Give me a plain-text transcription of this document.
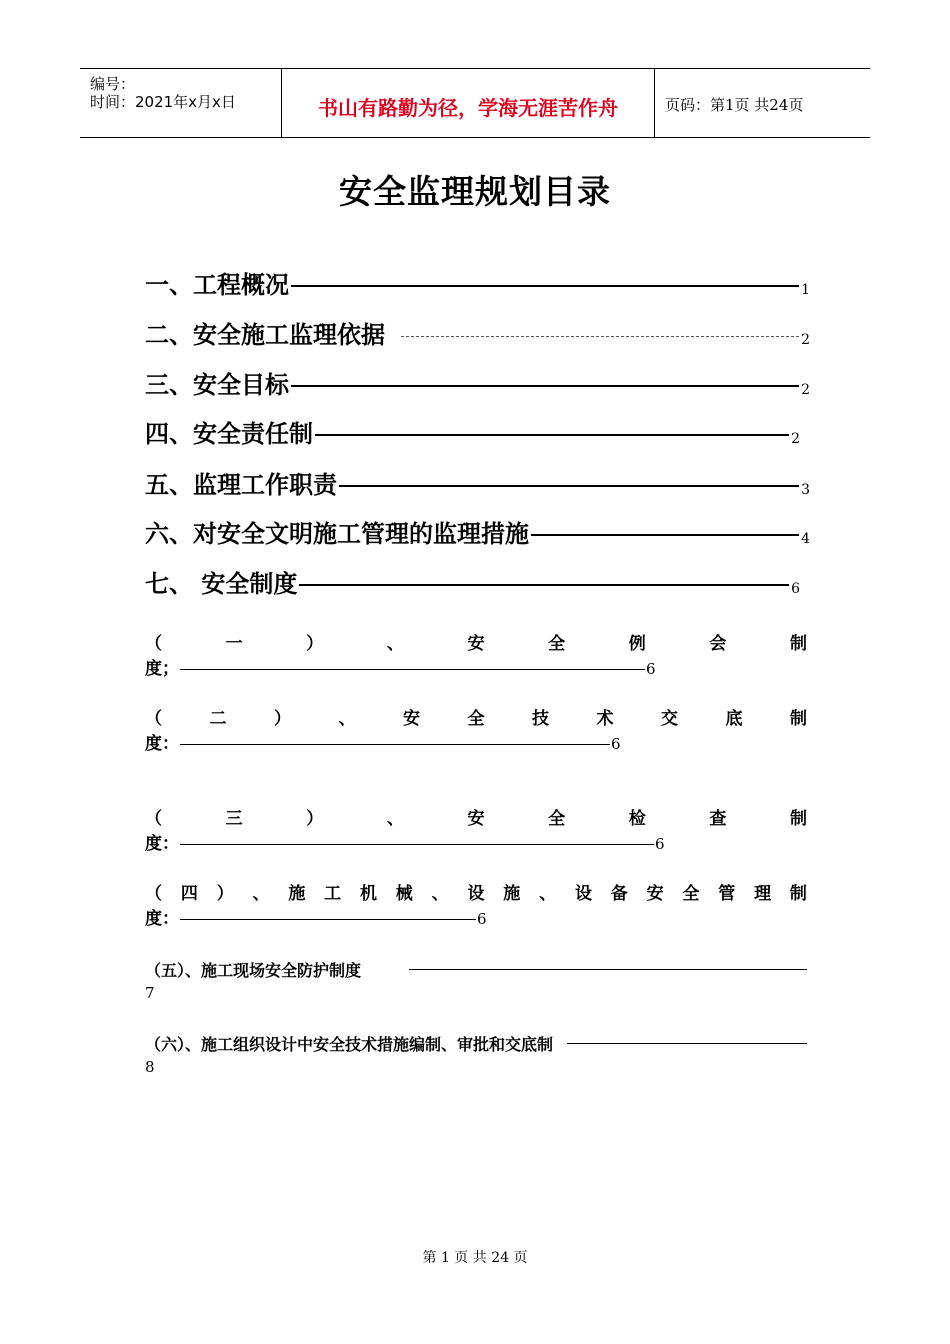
编号：
时间：2021年x月x日	书山有路勤为径，学海无涯苦作舟	页码：第1页 共24页
安全监理规划目录
一、工程概况	1
二、安全施工监理依据	2
三、安全目标	2
四、安全责任制	2
五、监理工作职责	3
六、对安全文明施工管理的监理措施	4
七、 安全制度	6
（	一	）	、	安	全	例	会	制
度；	6
（	二	）	、	安	全	技	术	交	底	制
度：	6
（	三	）	、	安	全	检	查	制
度：	6
（ 四 ） 、 施 工 机 械 、 设 施 、 设 备 安 全 管 理 制
度：	6
（五）、施工现场安全防护制度
7
（六）、施工组织设计中安全技术措施编制、审批和交底制
8
第 1 页 共 24 页
